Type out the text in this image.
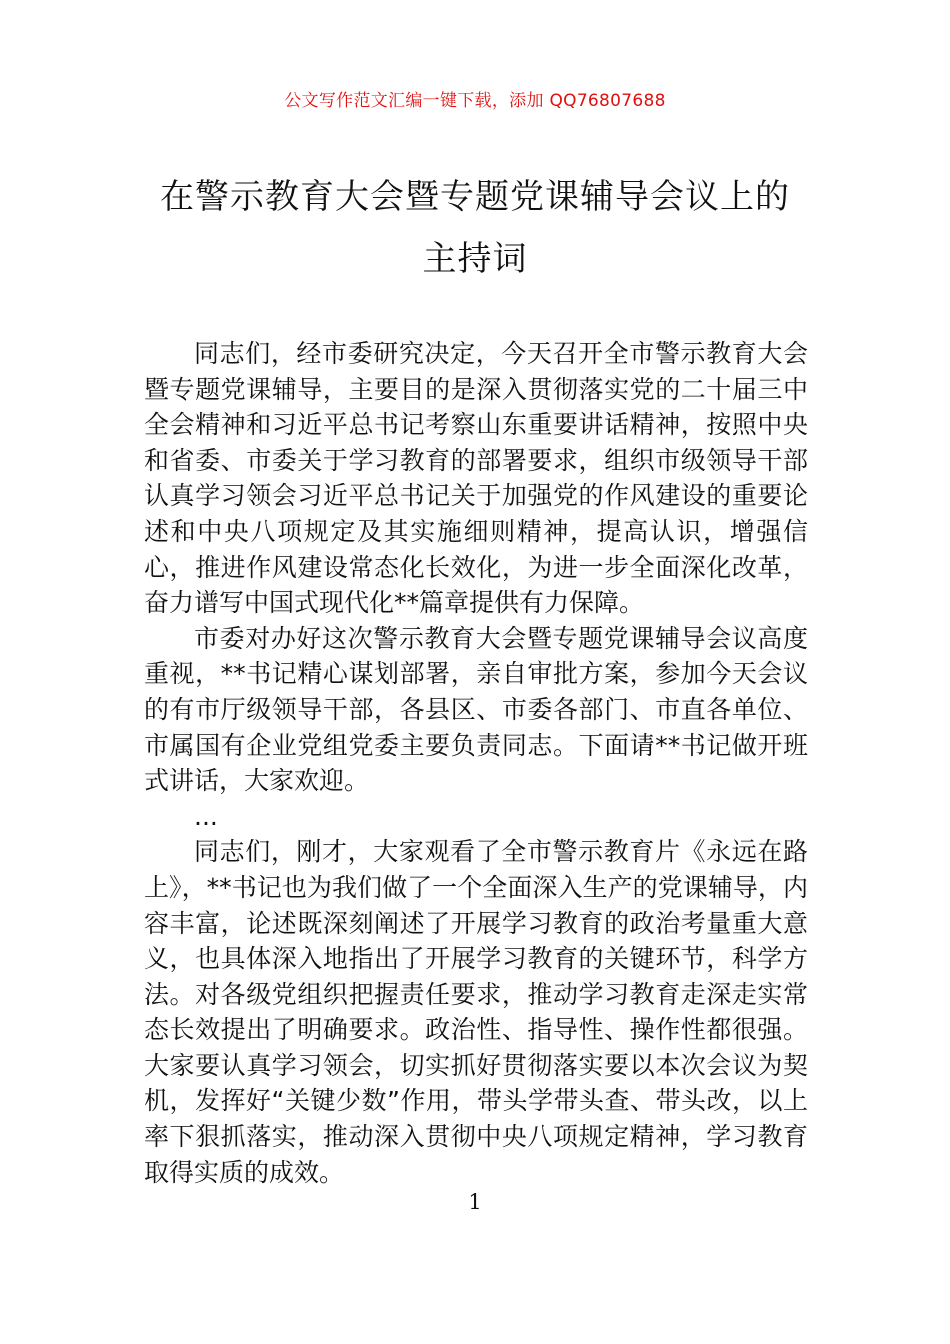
公文写作范文汇编一键下载，添加 QQ76807688
在警示教育大会暨专题党课辅导会议上的
主持词

同志们，经市委研究决定，今天召开全市警示教育大会暨专题党课辅导，主要目的是深入贯彻落实党的二十届三中全会精神和习近平总书记考察山东重要讲话精神，按照中央和省委、市委关于学习教育的部署要求，组织市级领导干部认真学习领会习近平总书记关于加强党的作风建设的重要论述和中央八项规定及其实施细则精神，提高认识，增强信心，推进作风建设常态化长效化，为进一步全面深化改革，奋力谱写中国式现代化**篇章提供有力保障。

市委对办好这次警示教育大会暨专题党课辅导会议高度重视，**书记精心谋划部署，亲自审批方案，参加今天会议的有市厅级领导干部，各县区、市委各部门、市直各单位、市属国有企业党组党委主要负责同志。下面请**书记做开班式讲话，大家欢迎。

...

同志们，刚才，大家观看了全市警示教育片《永远在路上》，**书记也为我们做了一个全面深入生产的党课辅导，内容丰富，论述既深刻阐述了开展学习教育的政治考量重大意义，也具体深入地指出了开展学习教育的关键环节，科学方法。对各级党组织把握责任要求，推动学习教育走深走实常态长效提出了明确要求。政治性、指导性、操作性都很强。大家要认真学习领会，切实抓好贯彻落实要以本次会议为契机，发挥好“关键少数”作用，带头学带头查、带头改，以上率下狠抓落实，推动深入贯彻中央八项规定精神，学习教育取得实质的成效。

1
